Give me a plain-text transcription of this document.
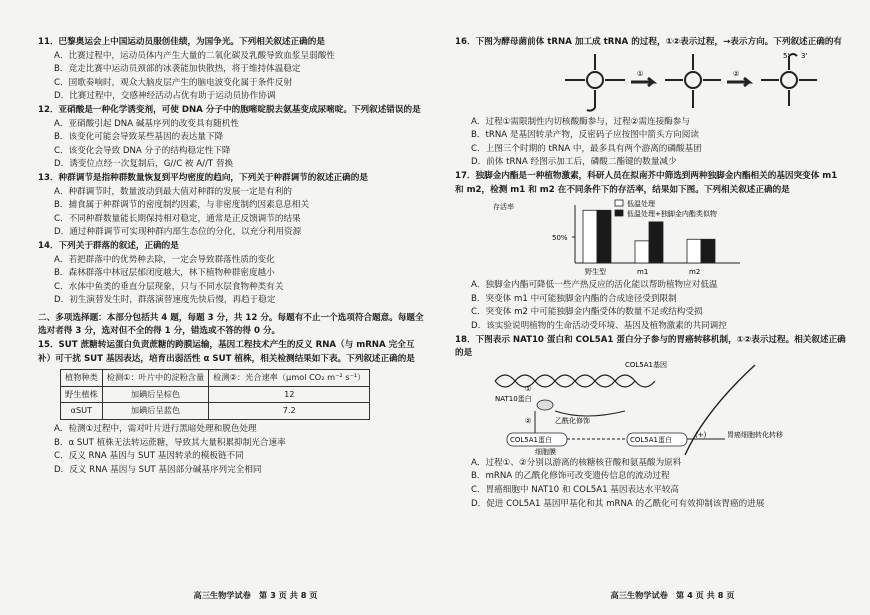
11．巴黎奥运会上中国运动员服创佳绩，为国争光。下列相关叙述正确的是
A．比赛过程中，运动员体内产生大量的二氧化碳及乳酸导致血浆呈弱酸性
B．竞走比赛中运动员颈部的冰袭能加快散热，将于维持体温稳定
C．国歌奏响时，观众大脑皮层产生的脑电波变化属于条件反射
D．比赛过程中，交感神经活动占优有助于运动员协作协调
12．亚硝酸是一种化学诱变剂，可使 DNA 分子中的胞嘧啶脱去氨基变成尿嘧啶。下列叙述错误的是
A．亚硝酸引起 DNA 碱基序列的改变具有随机性
B．该变化可能会导致某些基因的表达量下降
C．该变化会导致 DNA 分子的结构稳定性下降
D．诱变位点经一次复制后，G//C 被 A//T 替换
13．种群调节是指种群数量恢复到平均密度的趋向，下列关于种群调节的叙述正确的是
A．种群调节时，数量波动到最大值对种群的发展一定是有利的
B．捕食属于种群调节的密度制约因素，与非密度制约因素息息相关
C．不同种群数量能长期保持相对稳定，通常是正反馈调节的结果
D．通过种群调节可实现种群内部生态位的分化，以充分利用资源
14．下列关于群落的叙述，正确的是
A．若把群落中的优势种去除，一定会导致群落性质的变化
B．森林群落中林冠层郁闭度越大，林下植物种群密度越小
C．水体中鱼类的垂直分层现象，只与不同水层食物种类有关
D．初生演替发生时，群落演替速度先快后慢，再趋于稳定
二、多项选择题：本部分包括共 4 题，每题 3 分，共 12 分。每题有不止一个选项符合题意。每题全选对者得 3 分，选对但不全的得 1 分，错选或不答的得 0 分。
15．SUT 蔗糖转运蛋白负责蔗糖的跨膜运输，基因工程技术产生的反义 RNA（与 mRNA 完全互补）可干扰 SUT 基因表达，培育出弱活性 α SUT 植株，相关检测结果如下表。下列叙述正确的是
植物种类	检测①：叶片中的淀粉含量	检测②：光合速率（μmol CO₂ m⁻² s⁻¹）
野生植株	加碘后呈棕色	12
αSUT	加碘后呈蓝色	7.2
A．检测①过程中，需对叶片进行黑暗处理和脱色处理
B．α SUT 植株无法转运蔗糖，导致其大量积累抑制光合速率
C．反义 RNA 基因与 SUT 基因转录的模板链不同
D．反义 RNA 基因与 SUT 基因部分碱基序列完全相同
高三生物学试卷　第 3 页 共 8 页
16．下图为酵母菌前体 tRNA 加工成 tRNA 的过程，①②表示过程，→表示方向。下列叙述正确的有
①	②
5' 3'
A．过程①需限制性内切核酸酶参与，过程②需连接酶参与
B．tRNA 是基因转录产物，反密码子应按图中箭头方向阅读
C．上图三个时期的 tRNA 中，最多具有两个游离的磷酸基团
D．前体 tRNA 经图示加工后，磷酸二酯键的数量减少
17．独脚金内酯是一种植物激素，科研人员在拟南芥中筛选到两种独脚金内酯相关的基因突变体 m1 和 m2，检测 m1 和 m2 在不同条件下的存活率，结果如下图。下列相关叙述正确的是
存活率
50%
野生型	m1	m2
低温处理
低温处理+独脚金内酯类似物
A．独脚金内酯可降低一些产热反应的活化能以帮助植物应对低温
B．突变体 m1 中可能独脚金内酯的合成途径受到限制
C．突变体 m2 中可能独脚金内酯受体的数量不足或结构受损
D．该实验说明植物的生命活动受环境、基因及植物激素的共同调控
18．下图表示 NAT10 蛋白和 COL5A1 蛋白分子参与的胃癌转移机制，①②表示过程。相关叙述正确的是
COL5A1基因
NAT10蛋白
①
②	乙酰化修饰
COL5A1蛋白	COL5A1蛋白
(+)	胃癌细胞转化转移
细胞膜
A．过程①、②分别以游离的核糖核苷酸和氨基酸为原料
B．mRNA 的乙酰化修饰可改变遗传信息的流动过程
C．胃癌细胞中 NAT10 和 COL5A1 基因表达水平较高
D．促进 COL5A1 基因甲基化和其 mRNA 的乙酰化可有效抑制该胃癌的进展
高三生物学试卷　第 4 页 共 8 页
